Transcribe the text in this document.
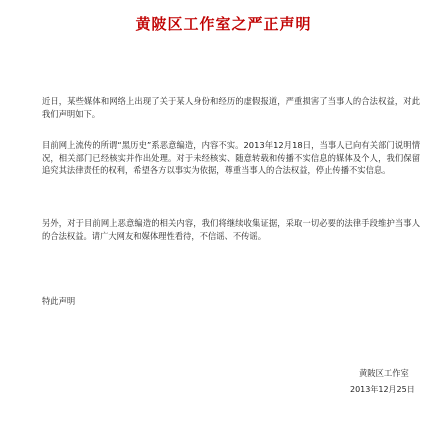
黄陂区工作室之严正声明

近日，某些媒体和网络上出现了关于某人身份和经历的虚假报道，严重损害了当事人的合法权益，对此我们声明如下。

目前网上流传的所谓“黑历史”系恶意编造，内容不实。2013年12月18日，当事人已向有关部门说明情况，相关部门已经核实并作出处理。对于未经核实、随意转载和传播不实信息的媒体及个人，我们保留追究其法律责任的权利，希望各方以事实为依据，尊重当事人的合法权益，停止传播不实信息。

另外，对于目前网上恶意编造的相关内容，我们将继续收集证据，采取一切必要的法律手段维护当事人的合法权益。请广大网友和媒体理性看待，不信谣、不传谣。

特此声明
黄陂区工作室
2013年12月25日
